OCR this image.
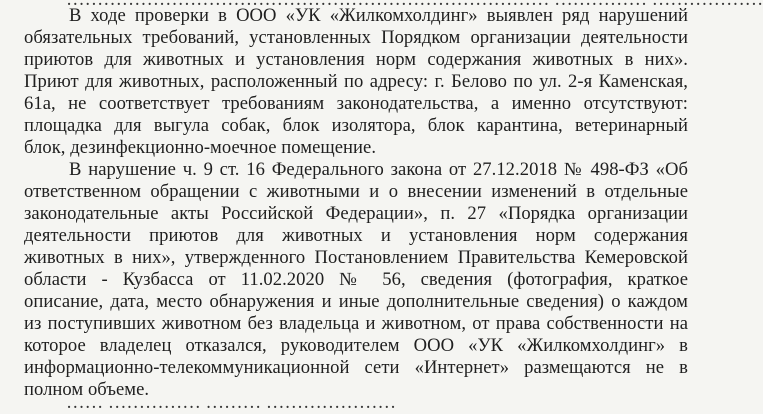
В ходе проверки в ООО «УК «Жилкомхолдинг» выявлен ряд нарушений
обязательных требований, установленных Порядком организации деятельности
приютов для животных и установления норм содержания животных в них».
Приют для животных, расположенный по адресу: г. Белово по ул. 2-я Каменская,
61а, не соответствует требованиям законодательства, а именно отсутствуют:
площадка для выгула собак, блок изолятора, блок карантина, ветеринарный
блок, дезинфекционно-моечное помещение.
В нарушение ч. 9 ст. 16 Федерального закона от 27.12.2018 № 498-ФЗ «Об
ответственном обращении с животными и о внесении изменений в отдельные
законодательные акты Российской Федерации», п. 27 «Порядка организации
деятельности приютов для животных и установления норм содержания
животных в них», утвержденного Постановлением Правительства Кемеровской
области - Кузбасса от 11.02.2020 № 56, сведения (фотография, краткое
описание, дата, место обнаружения и иные дополнительные сведения) о каждом
из поступивших животном без владельца и животном, от права собственности на
которое владелец отказался, руководителем ООО «УК «Жилкомхолдинг» в
информационно-телекоммуникационной сети «Интернет» размещаются не в
полном объеме.
…… …………… ……… …………………
